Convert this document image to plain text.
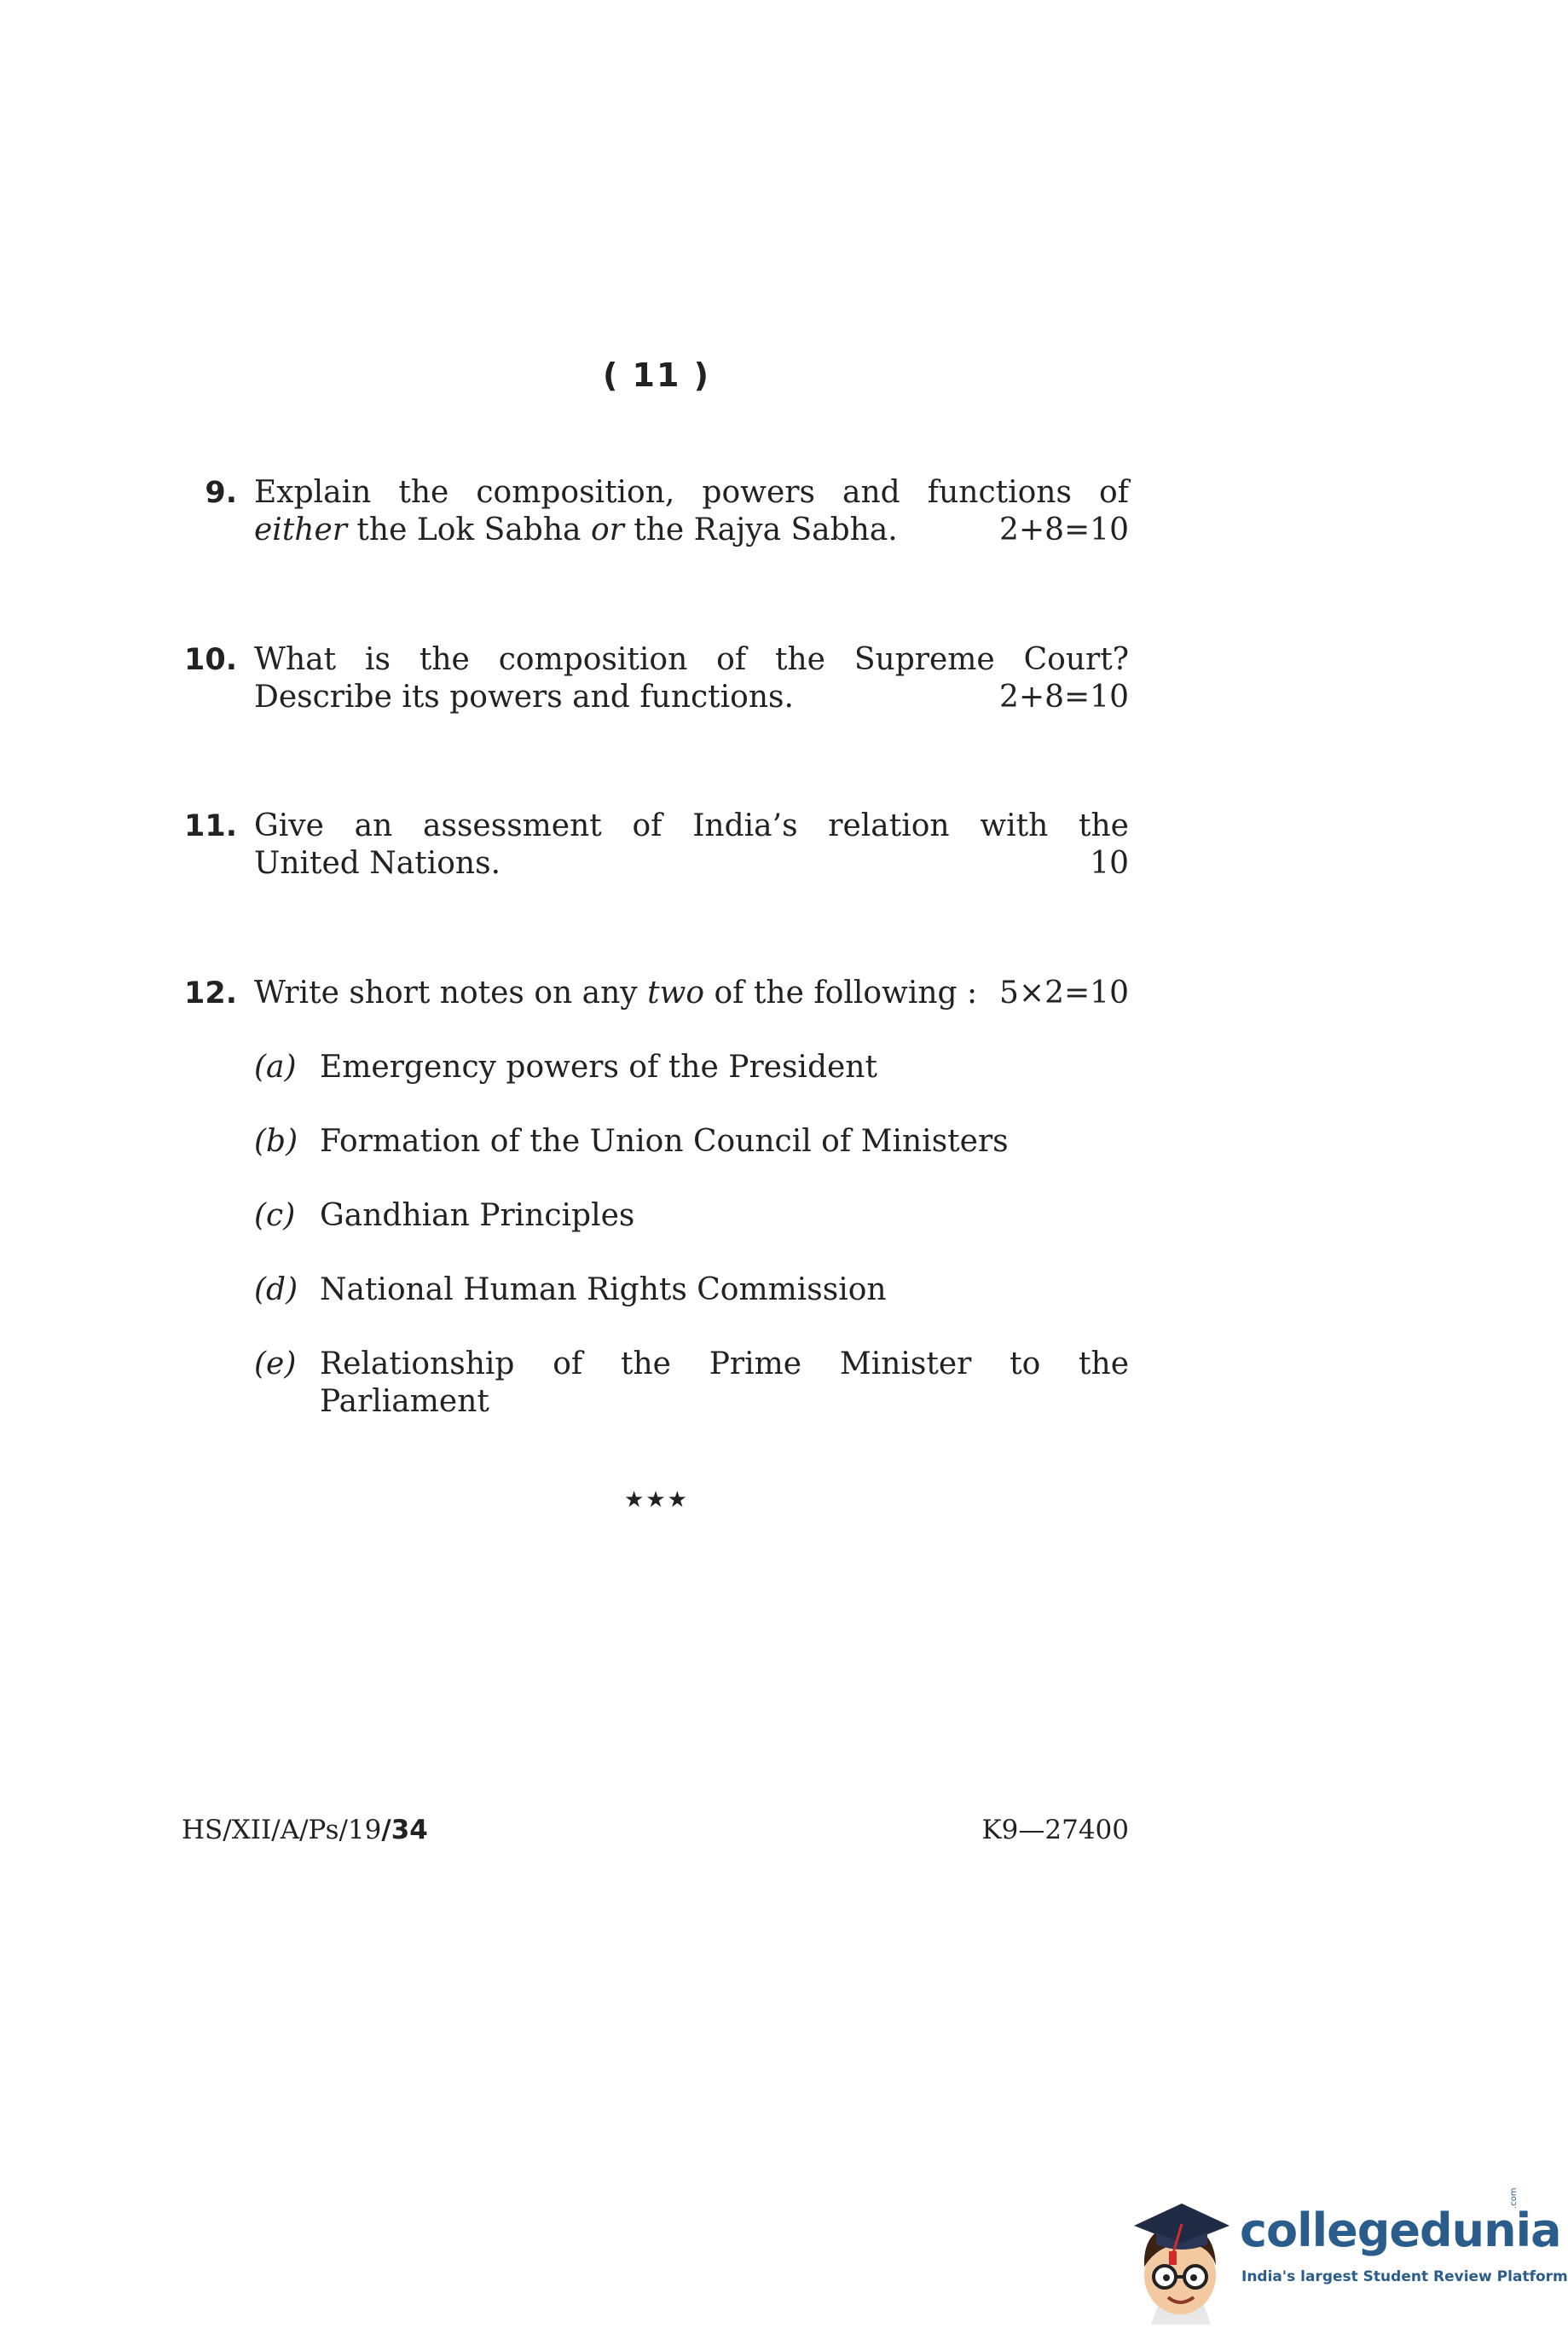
( 11 )
9. Explain the composition, powers and functions of
either the Lok Sabha or the Rajya Sabha.	2+8=10
10. What is the composition of the Supreme Court?
Describe its powers and functions.	2+8=10
11. Give an assessment of India’s relation with the
United Nations.	10
12. Write short notes on any two of the following : 5×2=10
(a) Emergency powers of the President
(b) Formation of the Union Council of Ministers
(c) Gandhian Principles
(d) National Human Rights Commission
(e) Relationship of the Prime Minister to the
Parliament
★★★
HS/XII/A/Ps/19/34	K9—27400
collegedunia
.com
India's largest Student Review Platform
